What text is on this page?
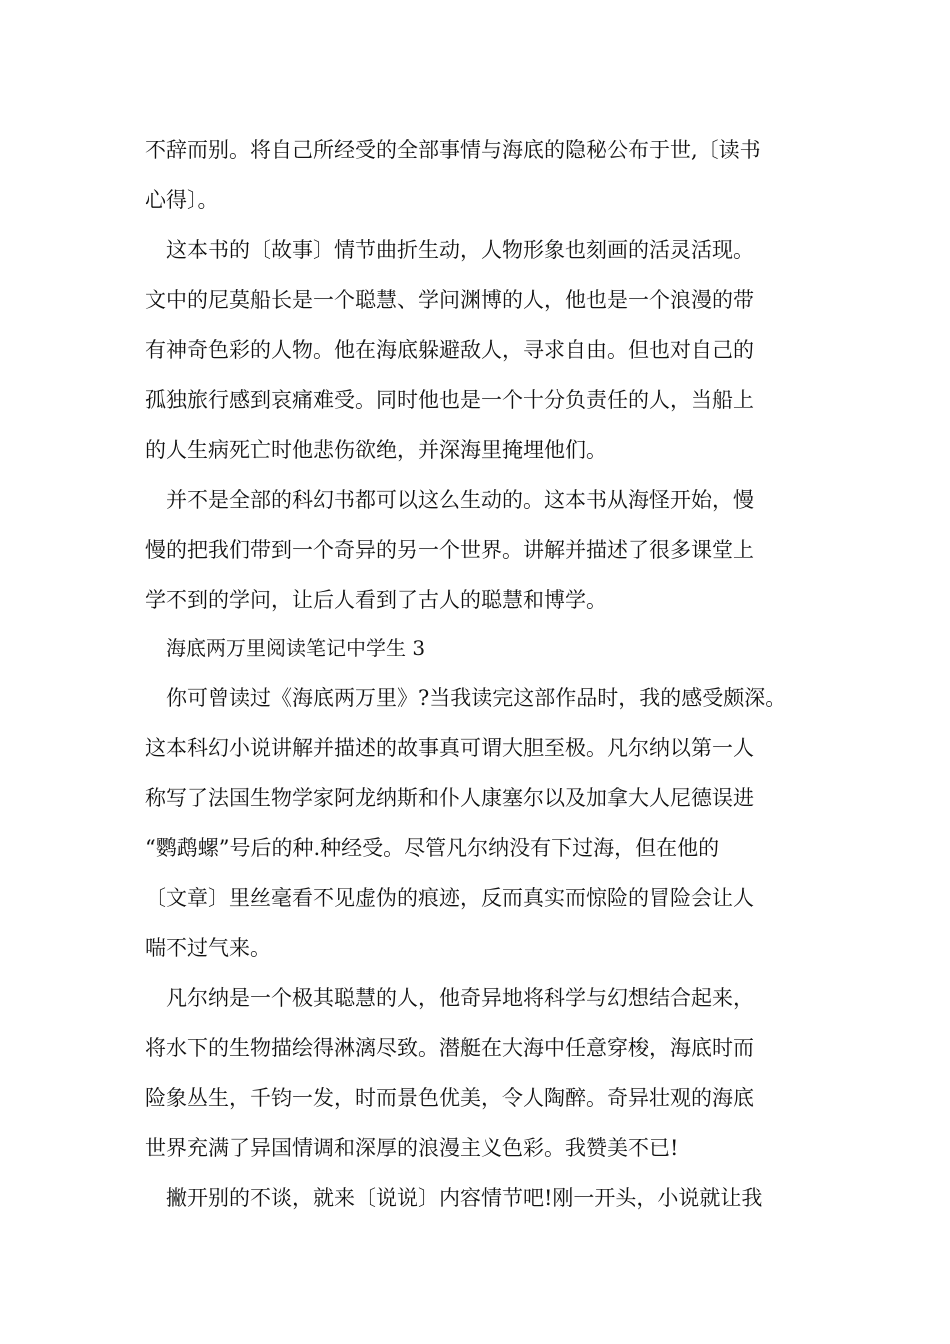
不辞而别。将自己所经受的全部事情与海底的隐秘公布于世,〔读书
心得〕。
这本书的〔故事〕情节曲折生动，人物形象也刻画的活灵活现。
文中的尼莫船长是一个聪慧、学问渊博的人，他也是一个浪漫的带
有神奇色彩的人物。他在海底躲避敌人，寻求自由。但也对自己的
孤独旅行感到哀痛难受。同时他也是一个十分负责任的人，当船上
的人生病死亡时他悲伤欲绝，并深海里掩埋他们。
并不是全部的科幻书都可以这么生动的。这本书从海怪开始，慢
慢的把我们带到一个奇异的另一个世界。讲解并描述了很多课堂上
学不到的学问，让后人看到了古人的聪慧和博学。
海底两万里阅读笔记中学生 3
你可曾读过《海底两万里》?当我读完这部作品时，我的感受颇深。
这本科幻小说讲解并描述的故事真可谓大胆至极。凡尔纳以第一人
称写了法国生物学家阿龙纳斯和仆人康塞尔以及加拿大人尼德误进
“鹦鹉螺”号后的种.种经受。尽管凡尔纳没有下过海，但在他的
〔文章〕里丝毫看不见虚伪的痕迹，反而真实而惊险的冒险会让人
喘不过气来。
凡尔纳是一个极其聪慧的人，他奇异地将科学与幻想结合起来，
将水下的生物描绘得淋漓尽致。潜艇在大海中任意穿梭，海底时而
险象丛生，千钧一发，时而景色优美，令人陶醉。奇异壮观的海底
世界充满了异国情调和深厚的浪漫主义色彩。我赞美不已!
撇开别的不谈，就来〔说说〕内容情节吧!刚一开头，小说就让我
